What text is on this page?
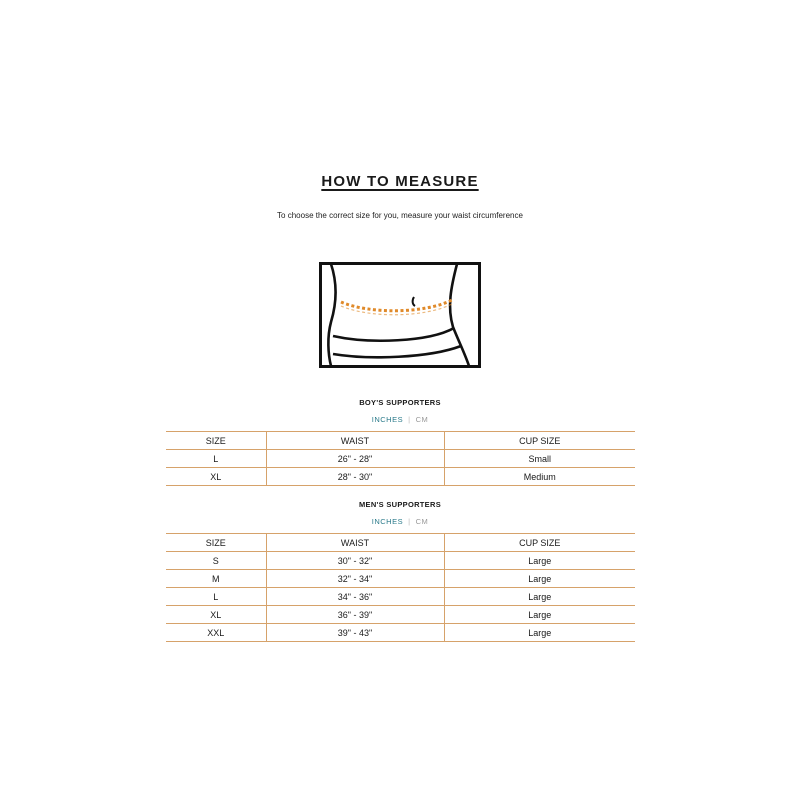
HOW TO MEASURE
To choose the correct size for you, measure your waist circumference
BOY'S SUPPORTERS
INCHES | CM
SIZE	WAIST	CUP SIZE
L	26" - 28"	Small
XL	28" - 30"	Medium
MEN'S SUPPORTERS
INCHES | CM
SIZE	WAIST	CUP SIZE
S	30" - 32"	Large
M	32" - 34"	Large
L	34" - 36"	Large
XL	36" - 39"	Large
XXL	39" - 43"	Large
